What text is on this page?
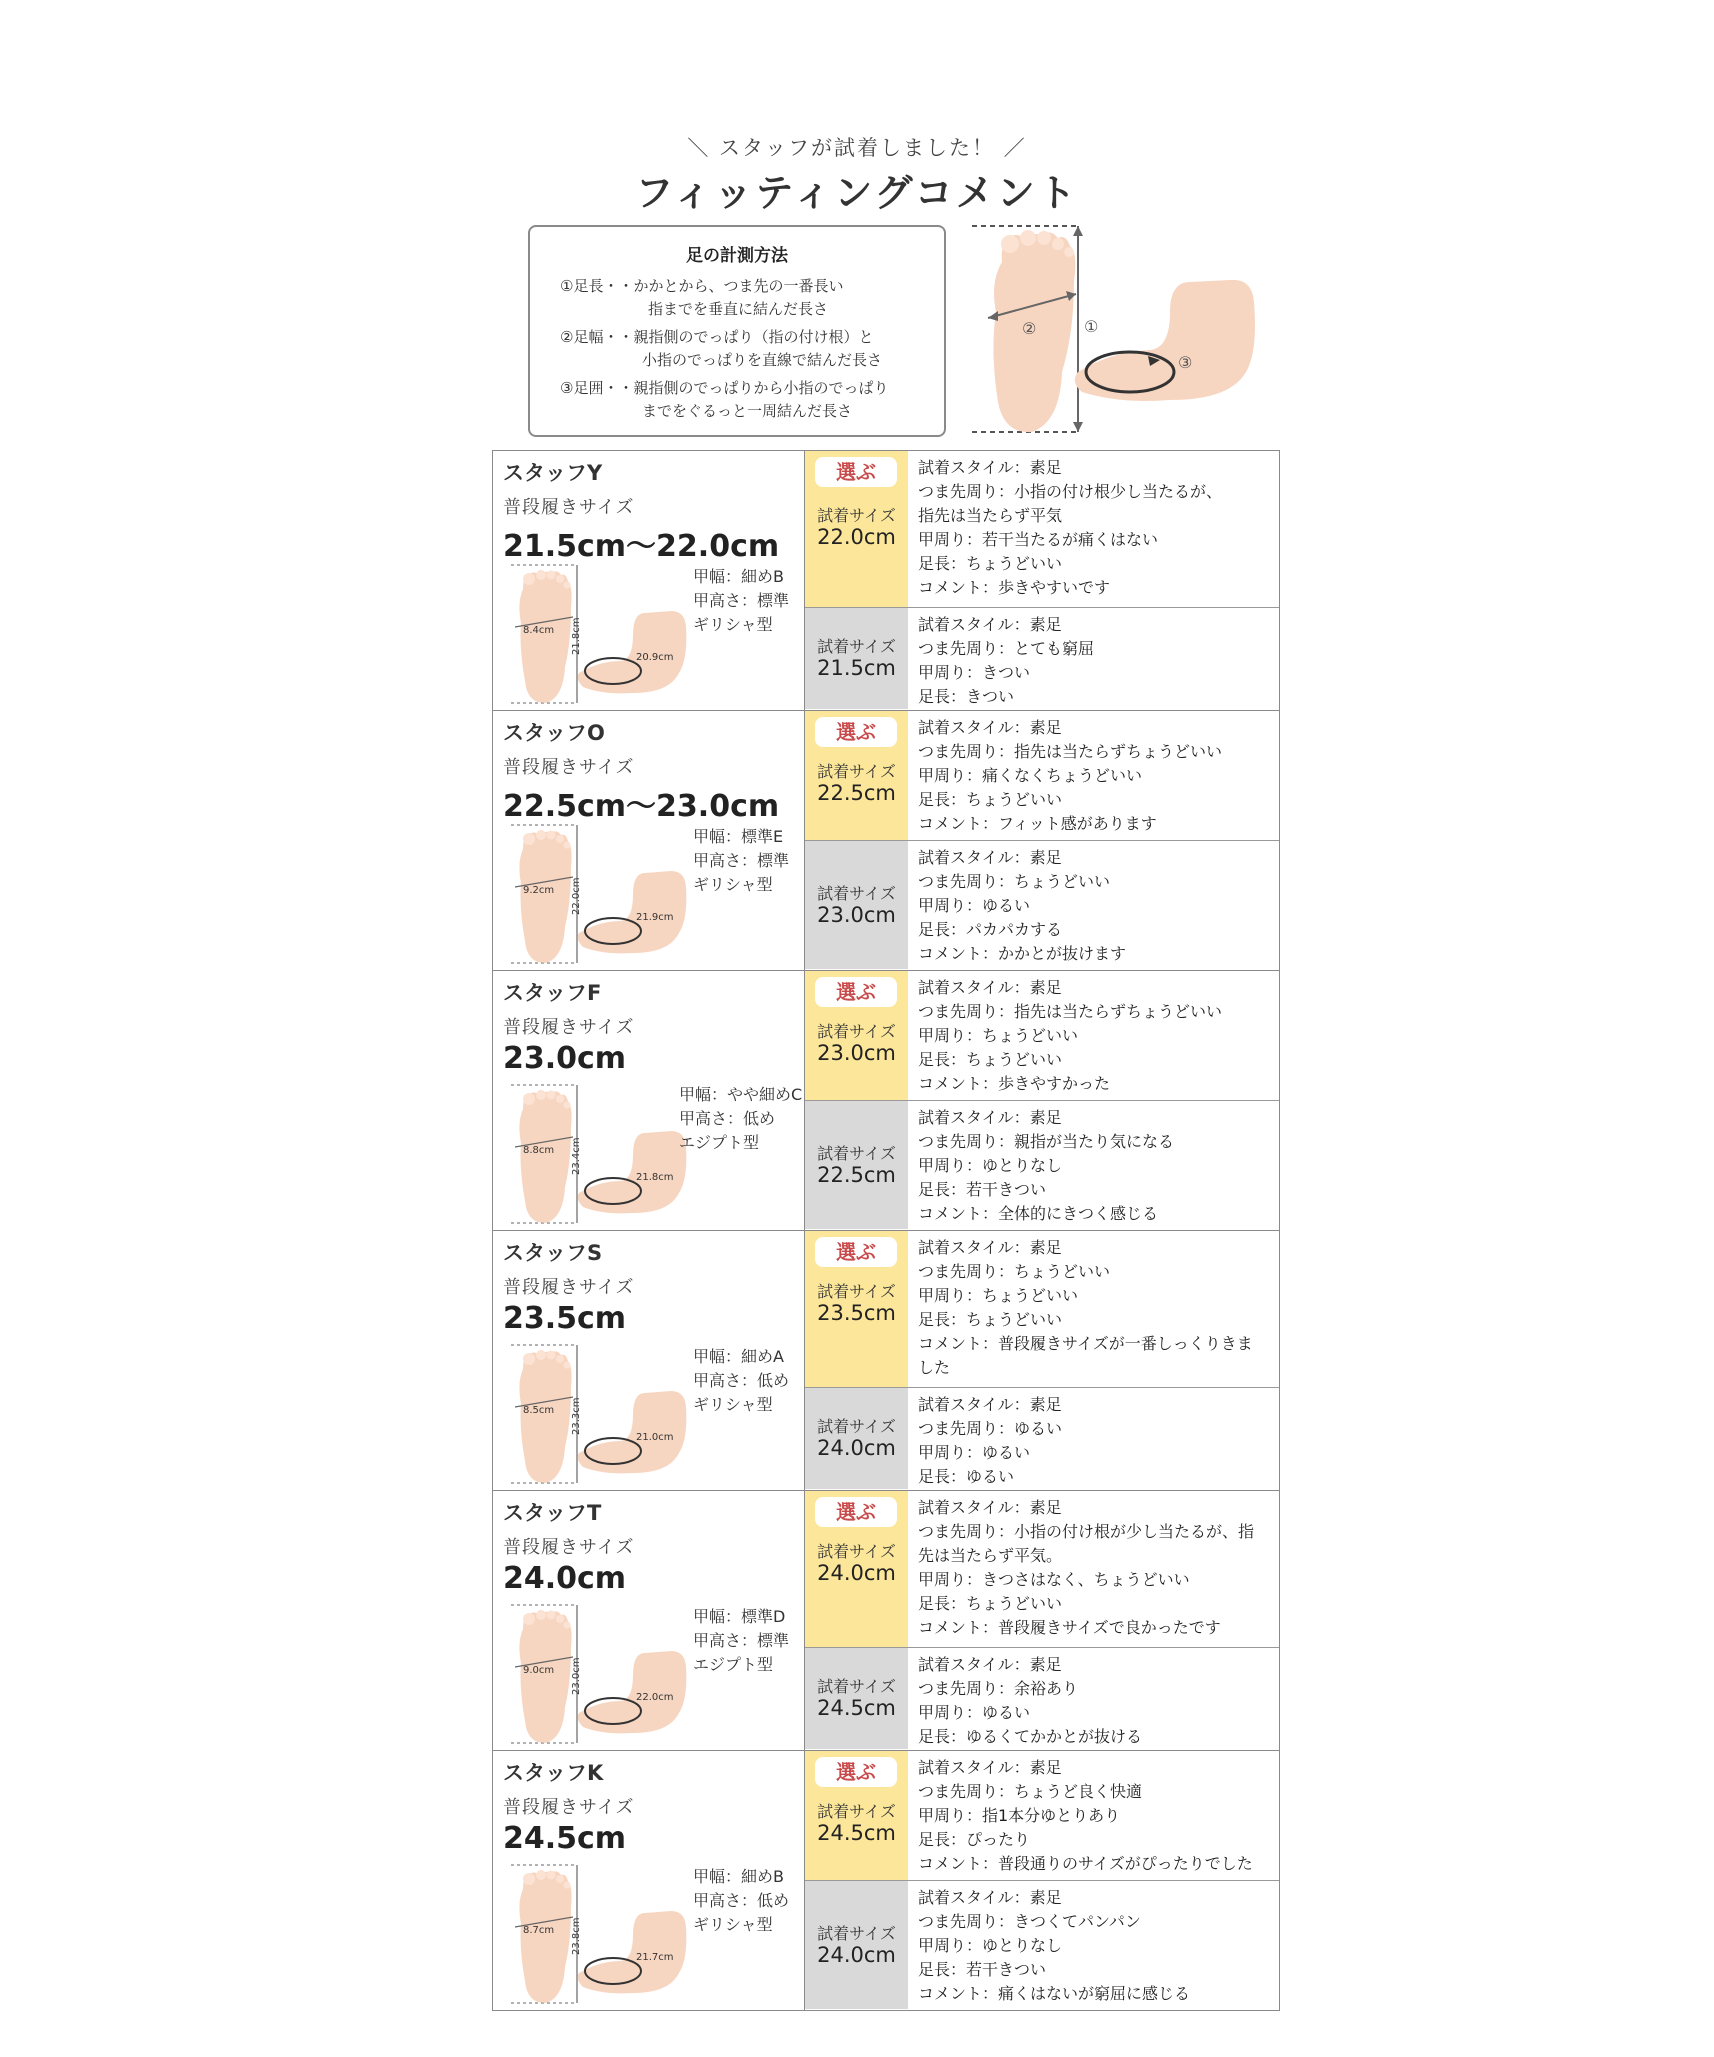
＼ スタッフが試着しました！ ／
フィッティングコメント
足の計測方法
①足長・・かかとから、つま先の一番長い
指までを垂直に結んだ長さ
②足幅・・親指側のでっぱり（指の付け根）と
小指のでっぱりを直線で結んだ長さ
③足囲・・親指側のでっぱりから小指のでっぱり
までをぐるっと一周結んだ長さ
②	①
③
スタッフY
普段履きサイズ
21.5cm〜22.0cm
8.4cm 21.8cm
20.9cm
甲幅：細めB
甲高さ：標準
ギリシャ型
選ぶ
試着サイズ
22.0cm
試着サイズ
21.5cm
試着スタイル：素足
つま先周り：小指の付け根少し当たるが、
指先は当たらず平気
甲周り：若干当たるが痛くはない
足長：ちょうどいい
コメント：歩きやすいです
試着スタイル：素足
つま先周り：とても窮屈
甲周り：きつい
足長：きつい
スタッフO
普段履きサイズ
22.5cm〜23.0cm
9.2cm 22.0cm
21.9cm
甲幅：標準E
甲高さ：標準
ギリシャ型
選ぶ
試着サイズ
22.5cm
試着サイズ
23.0cm
試着スタイル：素足
つま先周り：指先は当たらずちょうどいい
甲周り：痛くなくちょうどいい
足長：ちょうどいい
コメント：フィット感があります
試着スタイル：素足
つま先周り：ちょうどいい
甲周り：ゆるい
足長：パカパカする
コメント：かかとが抜けます
スタッフF
普段履きサイズ
23.0cm
8.8cm 23.4cm
21.8cm
甲幅：やや細めC
甲高さ：低め
エジプト型
選ぶ
試着サイズ
23.0cm
試着サイズ
22.5cm
試着スタイル：素足
つま先周り：指先は当たらずちょうどいい
甲周り：ちょうどいい
足長：ちょうどいい
コメント：歩きやすかった
試着スタイル：素足
つま先周り：親指が当たり気になる
甲周り：ゆとりなし
足長：若干きつい
コメント：全体的にきつく感じる
スタッフS
普段履きサイズ
23.5cm
8.5cm 23.3cm
21.0cm
甲幅：細めA
甲高さ：低め
ギリシャ型
選ぶ
試着サイズ
23.5cm
試着サイズ
24.0cm
試着スタイル：素足
つま先周り：ちょうどいい
甲周り：ちょうどいい
足長：ちょうどいい
コメント：普段履きサイズが一番しっくりきま
した
試着スタイル：素足
つま先周り：ゆるい
甲周り：ゆるい
足長：ゆるい
スタッフT
普段履きサイズ
24.0cm
9.0cm 23.0cm
22.0cm
甲幅：標準D
甲高さ：標準
エジプト型
選ぶ
試着サイズ
24.0cm
試着サイズ
24.5cm
試着スタイル：素足
つま先周り：小指の付け根が少し当たるが、指
先は当たらず平気。
甲周り：きつさはなく、ちょうどいい
足長：ちょうどいい
コメント：普段履きサイズで良かったです
試着スタイル：素足
つま先周り：余裕あり
甲周り：ゆるい
足長：ゆるくてかかとが抜ける
スタッフK
普段履きサイズ
24.5cm
8.7cm 23.8cm
21.7cm
甲幅：細めB
甲高さ：低め
ギリシャ型
選ぶ
試着サイズ
24.5cm
試着サイズ
24.0cm
試着スタイル：素足
つま先周り：ちょうど良く快適
甲周り：指1本分ゆとりあり
足長：ぴったり
コメント：普段通りのサイズがぴったりでした
試着スタイル：素足
つま先周り：きつくてパンパン
甲周り：ゆとりなし
足長：若干きつい
コメント：痛くはないが窮屈に感じる
